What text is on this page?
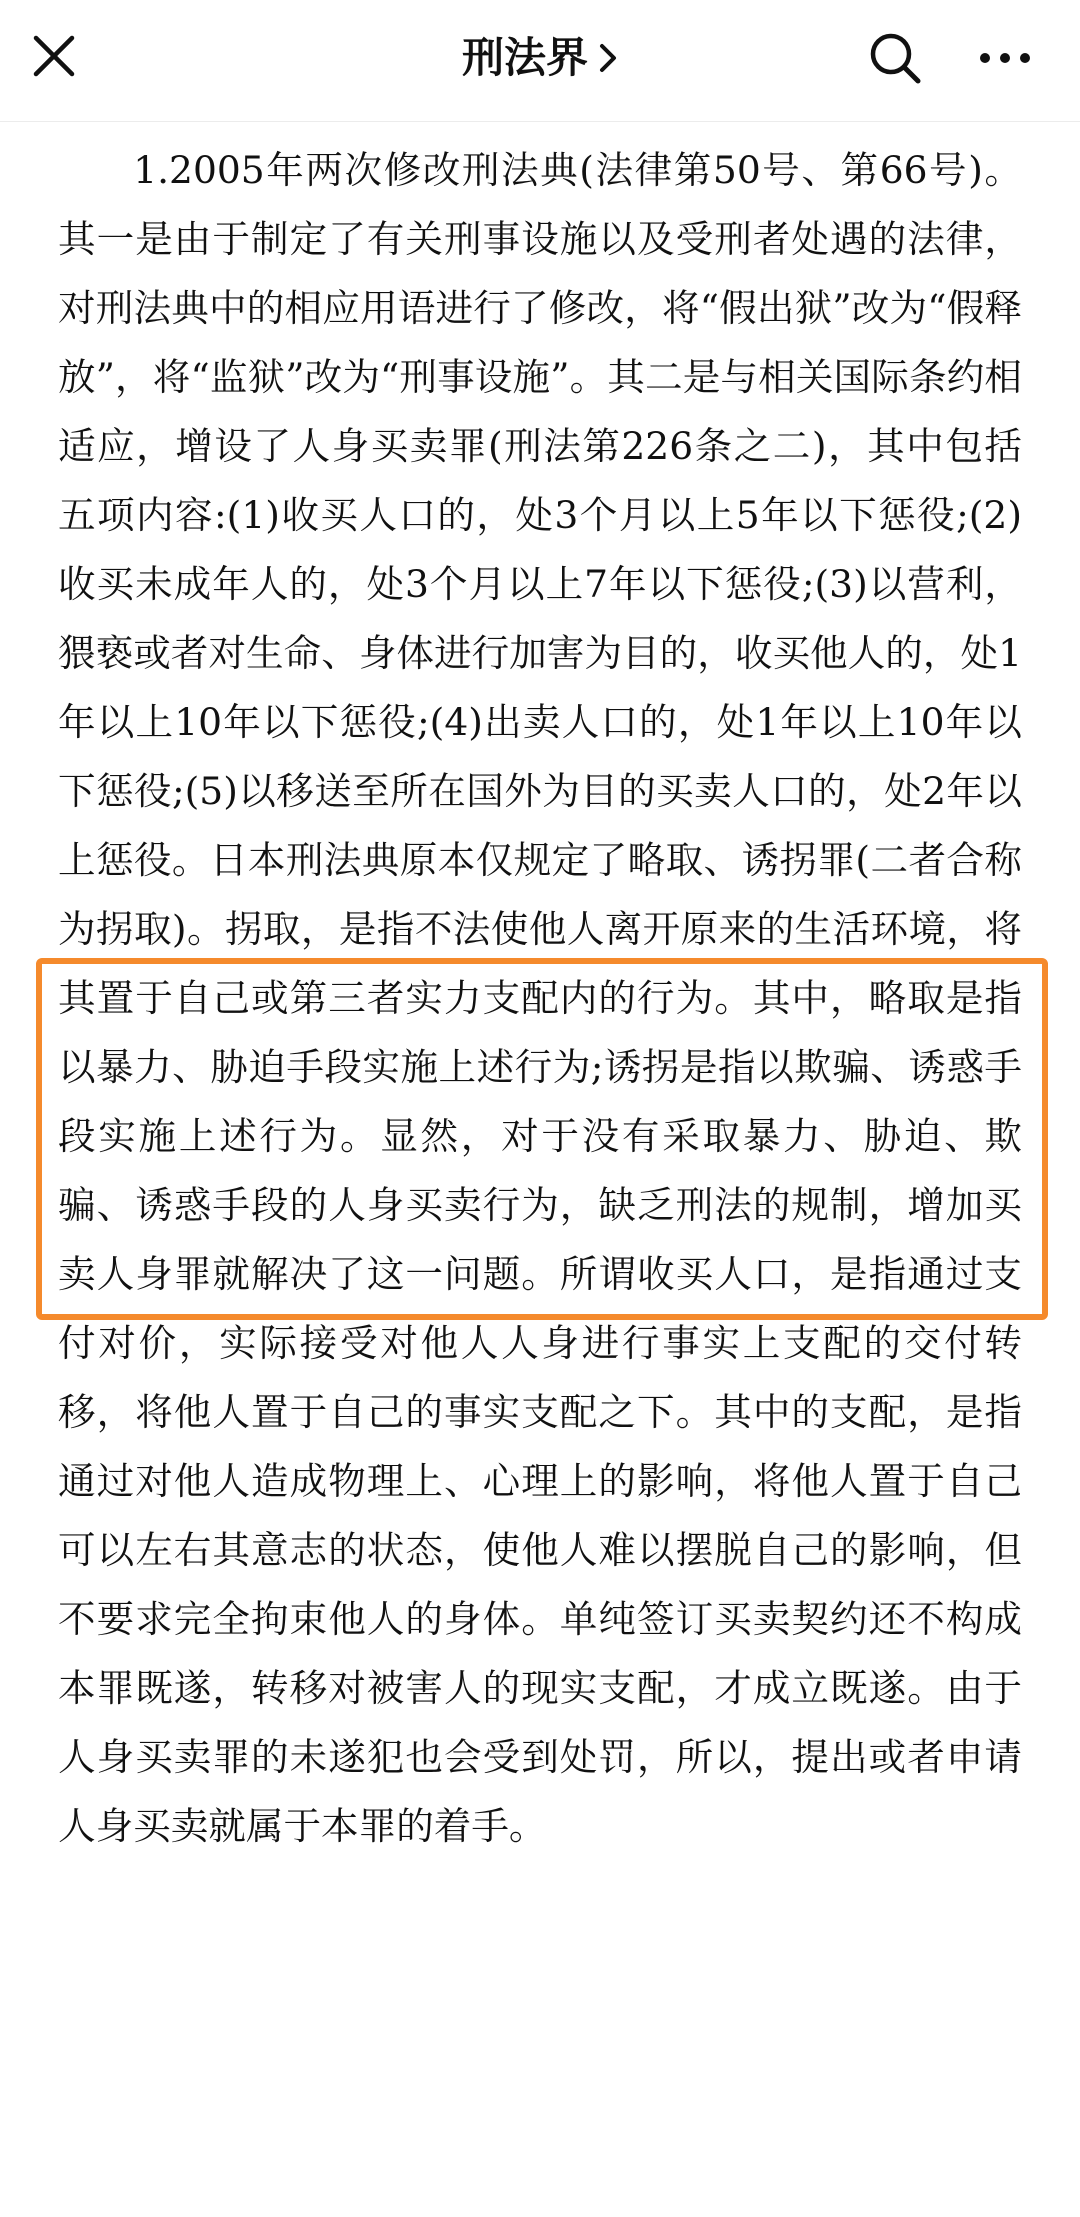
刑法界

1.2005年两次修改刑法典(法律第50号、第66号)。其一是由于制定了有关刑事设施以及受刑者处遇的法律，对刑法典中的相应用语进行了修改，将“假出狱”改为“假释放”，将“监狱”改为“刑事设施”。其二是与相关国际条约相适应，增设了人身买卖罪(刑法第226条之二)，其中包括五项内容:(1)收买人口的，处3个月以上5年以下惩役;(2)收买未成年人的，处3个月以上7年以下惩役;(3)以营利，猥亵或者对生命、身体进行加害为目的，收买他人的，处1年以上10年以下惩役;(4)出卖人口的，处1年以上10年以下惩役;(5)以移送至所在国外为目的买卖人口的，处2年以上惩役。日本刑法典原本仅规定了略取、诱拐罪(二者合称为拐取)。拐取，是指不法使他人离开原来的生活环境，将其置于自己或第三者实力支配内的行为。其中，略取是指以暴力、胁迫手段实施上述行为;诱拐是指以欺骗、诱惑手段实施上述行为。显然，对于没有采取暴力、胁迫、欺骗、诱惑手段的人身买卖行为，缺乏刑法的规制，增加买卖人身罪就解决了这一问题。所谓收买人口，是指通过支付对价，实际接受对他人人身进行事实上支配的交付转移，将他人置于自己的事实支配之下。其中的支配，是指通过对他人造成物理上、心理上的影响，将他人置于自己可以左右其意志的状态，使他人难以摆脱自己的影响，但不要求完全拘束他人的身体。单纯签订买卖契约还不构成本罪既遂，转移对被害人的现实支配，才成立既遂。由于人身买卖罪的未遂犯也会受到处罚，所以，提出或者申请人身买卖就属于本罪的着手。
